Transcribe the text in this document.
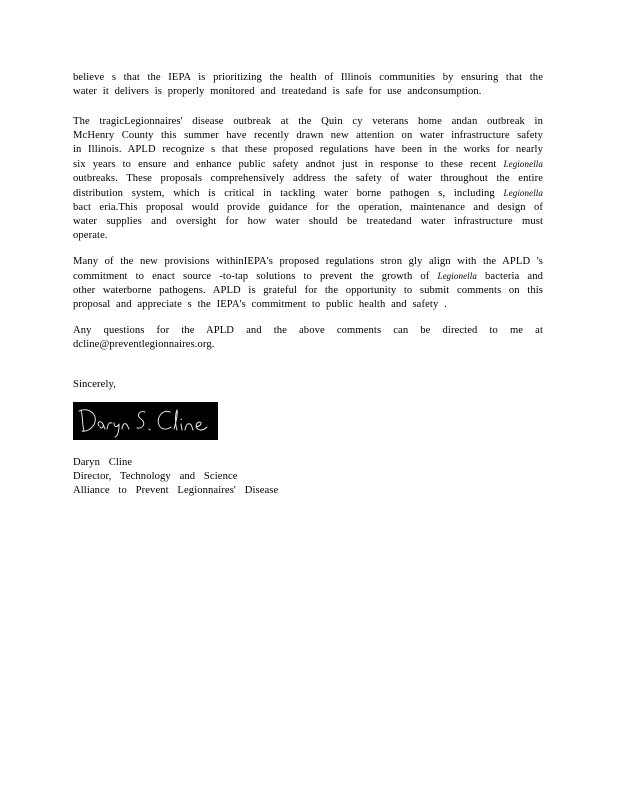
believe s that the IEPA is prioritizing the health of Illinois communities by ensuring that the
water it delivers is properly monitored and treatedand is safe for use andconsumption.

The tragicLegionnaires' disease outbreak at the Quin cy veterans home andan outbreak in
McHenry County this summer have recently drawn new attention on water infrastructure safety
in Illinois. APLD recognize s that these proposed regulations have been in the works for nearly
six years to ensure and enhance public safety andnot just in response to these recent Legionella
outbreaks. These proposals comprehensively address the safety of water throughout the entire
distribution system, which is critical in tackling water borne pathogen s, including Legionella
bact eria.This proposal would provide guidance for the operation, maintenance and design of
water supplies and oversight for how water should be treatedand water infrastructure must
operate.

Many of the new provisions withinIEPA's proposed regulations stron gly align with the APLD 's
commitment to enact source -to-tap solutions to prevent the growth of Legionella bacteria and
other waterborne pathogens. APLD is grateful for the opportunity to submit comments on this
proposal and appreciate s the IEPA's commitment to public health and safety .

Any questions for the APLD and the above comments can be directed to me at
dcline@preventlegionnaires.org.

Sincerely,

Daryn Cline
Director, Technology and Science
Alliance to Prevent Legionnaires' Disease
